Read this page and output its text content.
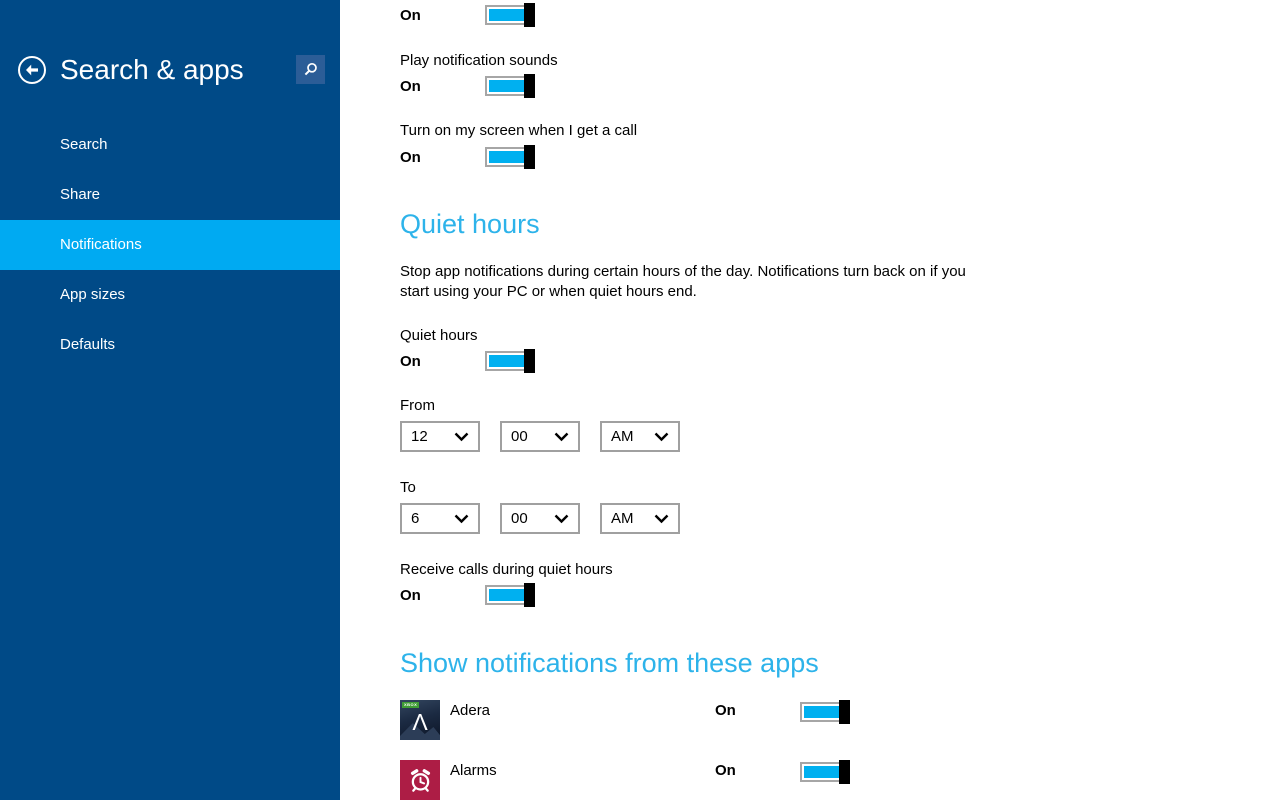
Search & apps
Search
Share
Notifications
App sizes
Defaults
On
Play notification sounds
On
Turn on my screen when I get a call
On
Quiet hours
Stop app notifications during certain hours of the day. Notifications turn back on if you start using your PC or when quiet hours end.
Quiet hours
On
From
12	00	AM
To
6	00	AM
Receive calls during quiet hours
On
Show notifications from these apps
XBOX
Λ	Adera	On
Alarms	On
